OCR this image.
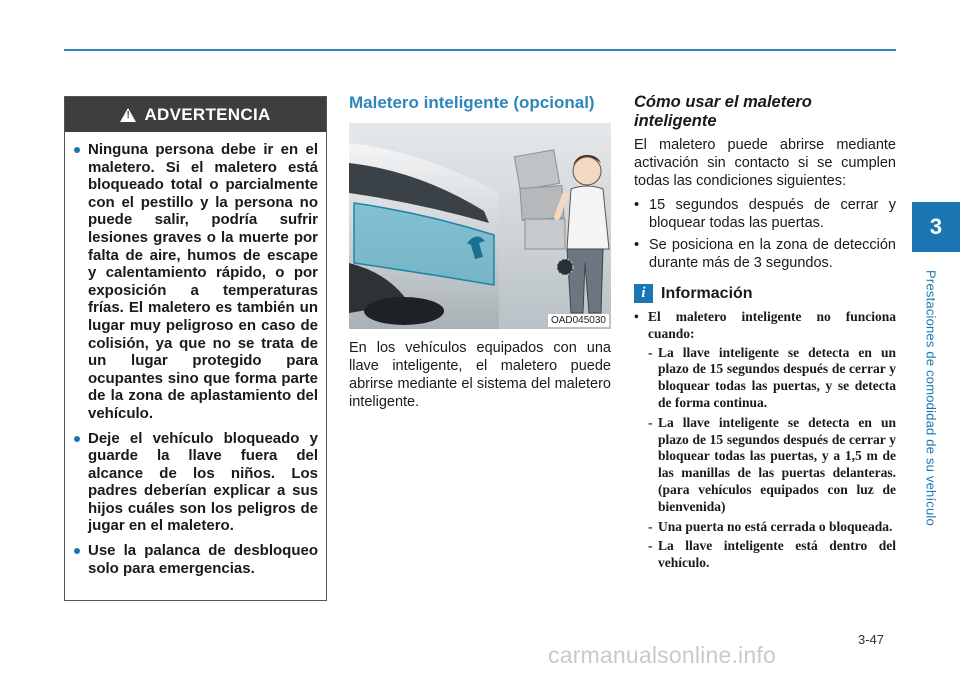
3
Prestaciones de comodidad de su vehículo
!
ADVERTENCIA
Ninguna persona debe ir en el maletero. Si el maletero está bloqueado total o parcialmente con el pestillo y la persona no puede salir, podría sufrir lesiones graves o la muerte por falta de aire, humos de escape y calentamiento rápido, o por exposición a temperaturas frías. El maletero es también un lugar muy peligroso en caso de colisión, ya que no se trata de un lugar protegido para ocupantes sino que forma parte de la zona de aplastamiento del vehículo.
Deje el vehículo bloqueado y guarde la llave fuera del alcance de los niños. Los padres deberían explicar a sus hijos cuáles son los peligros de jugar en el maletero.
Use la palanca de desbloqueo solo para emergencias.
Maletero inteligente (opcional)
OAD045030
En los vehículos equipados con una llave inteligente, el maletero puede abrirse mediante el sistema del maletero inteligente.
Cómo usar el maletero inteligente

El maletero puede abrirse mediante activación sin contacto si se cumplen todas las condiciones siguientes:

• 15 segundos después de cerrar y bloquear todas las puertas.
• Se posiciona en la zona de detección durante más de 3 segundos.
i Información
• El maletero inteligente no funciona cuando:
- La llave inteligente se detecta en un plazo de 15 segundos después de cerrar y bloquear todas las puertas, y se detecta de forma continua.
- La llave inteligente se detecta en un plazo de 15 segundos después de cerrar y bloquear todas las puertas, y a 1,5 m de las manillas de las puertas delanteras. (para vehículos equipados con luz de bienvenida)
- Una puerta no está cerrada o bloqueada.
- La llave inteligente está dentro del vehículo.
3-47
carmanualsonline.info
